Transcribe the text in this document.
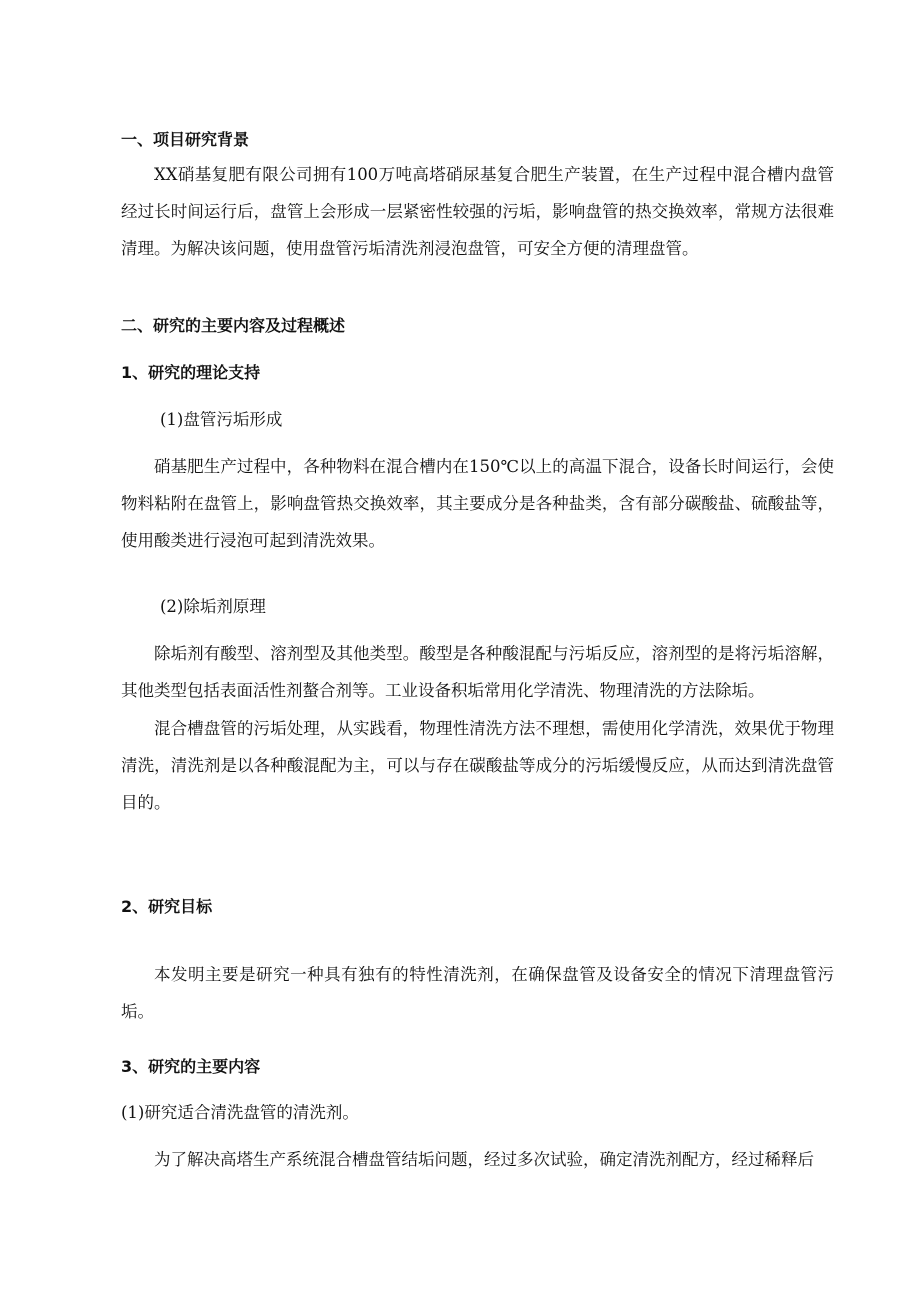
一、项目研究背景

XX硝基复肥有限公司拥有100万吨高塔硝尿基复合肥生产装置，在生产过程中混合槽内盘管经过长时间运行后，盘管上会形成一层紧密性较强的污垢，影响盘管的热交换效率，常规方法很难清理。为解决该问题，使用盘管污垢清洗剂浸泡盘管，可安全方便的清理盘管。

二、研究的主要内容及过程概述
1、研究的理论支持

(1)盘管污垢形成

硝基肥生产过程中，各种物料在混合槽内在150℃以上的高温下混合，设备长时间运行，会使物料粘附在盘管上，影响盘管热交换效率，其主要成分是各种盐类，含有部分碳酸盐、硫酸盐等，使用酸类进行浸泡可起到清洗效果。

(2)除垢剂原理

除垢剂有酸型、溶剂型及其他类型。酸型是各种酸混配与污垢反应，溶剂型的是将污垢溶解，其他类型包括表面活性剂螯合剂等。工业设备积垢常用化学清洗、物理清洗的方法除垢。

混合槽盘管的污垢处理，从实践看，物理性清洗方法不理想，需使用化学清洗，效果优于物理清洗，清洗剂是以各种酸混配为主，可以与存在碳酸盐等成分的污垢缓慢反应，从而达到清洗盘管目的。

2、研究目标

本发明主要是研究一种具有独有的特性清洗剂，在确保盘管及设备安全的情况下清理盘管污垢。

3、研究的主要内容

(1)研究适合清洗盘管的清洗剂。

为了解决高塔生产系统混合槽盘管结垢问题，经过多次试验，确定清洗剂配方，经过稀释后
